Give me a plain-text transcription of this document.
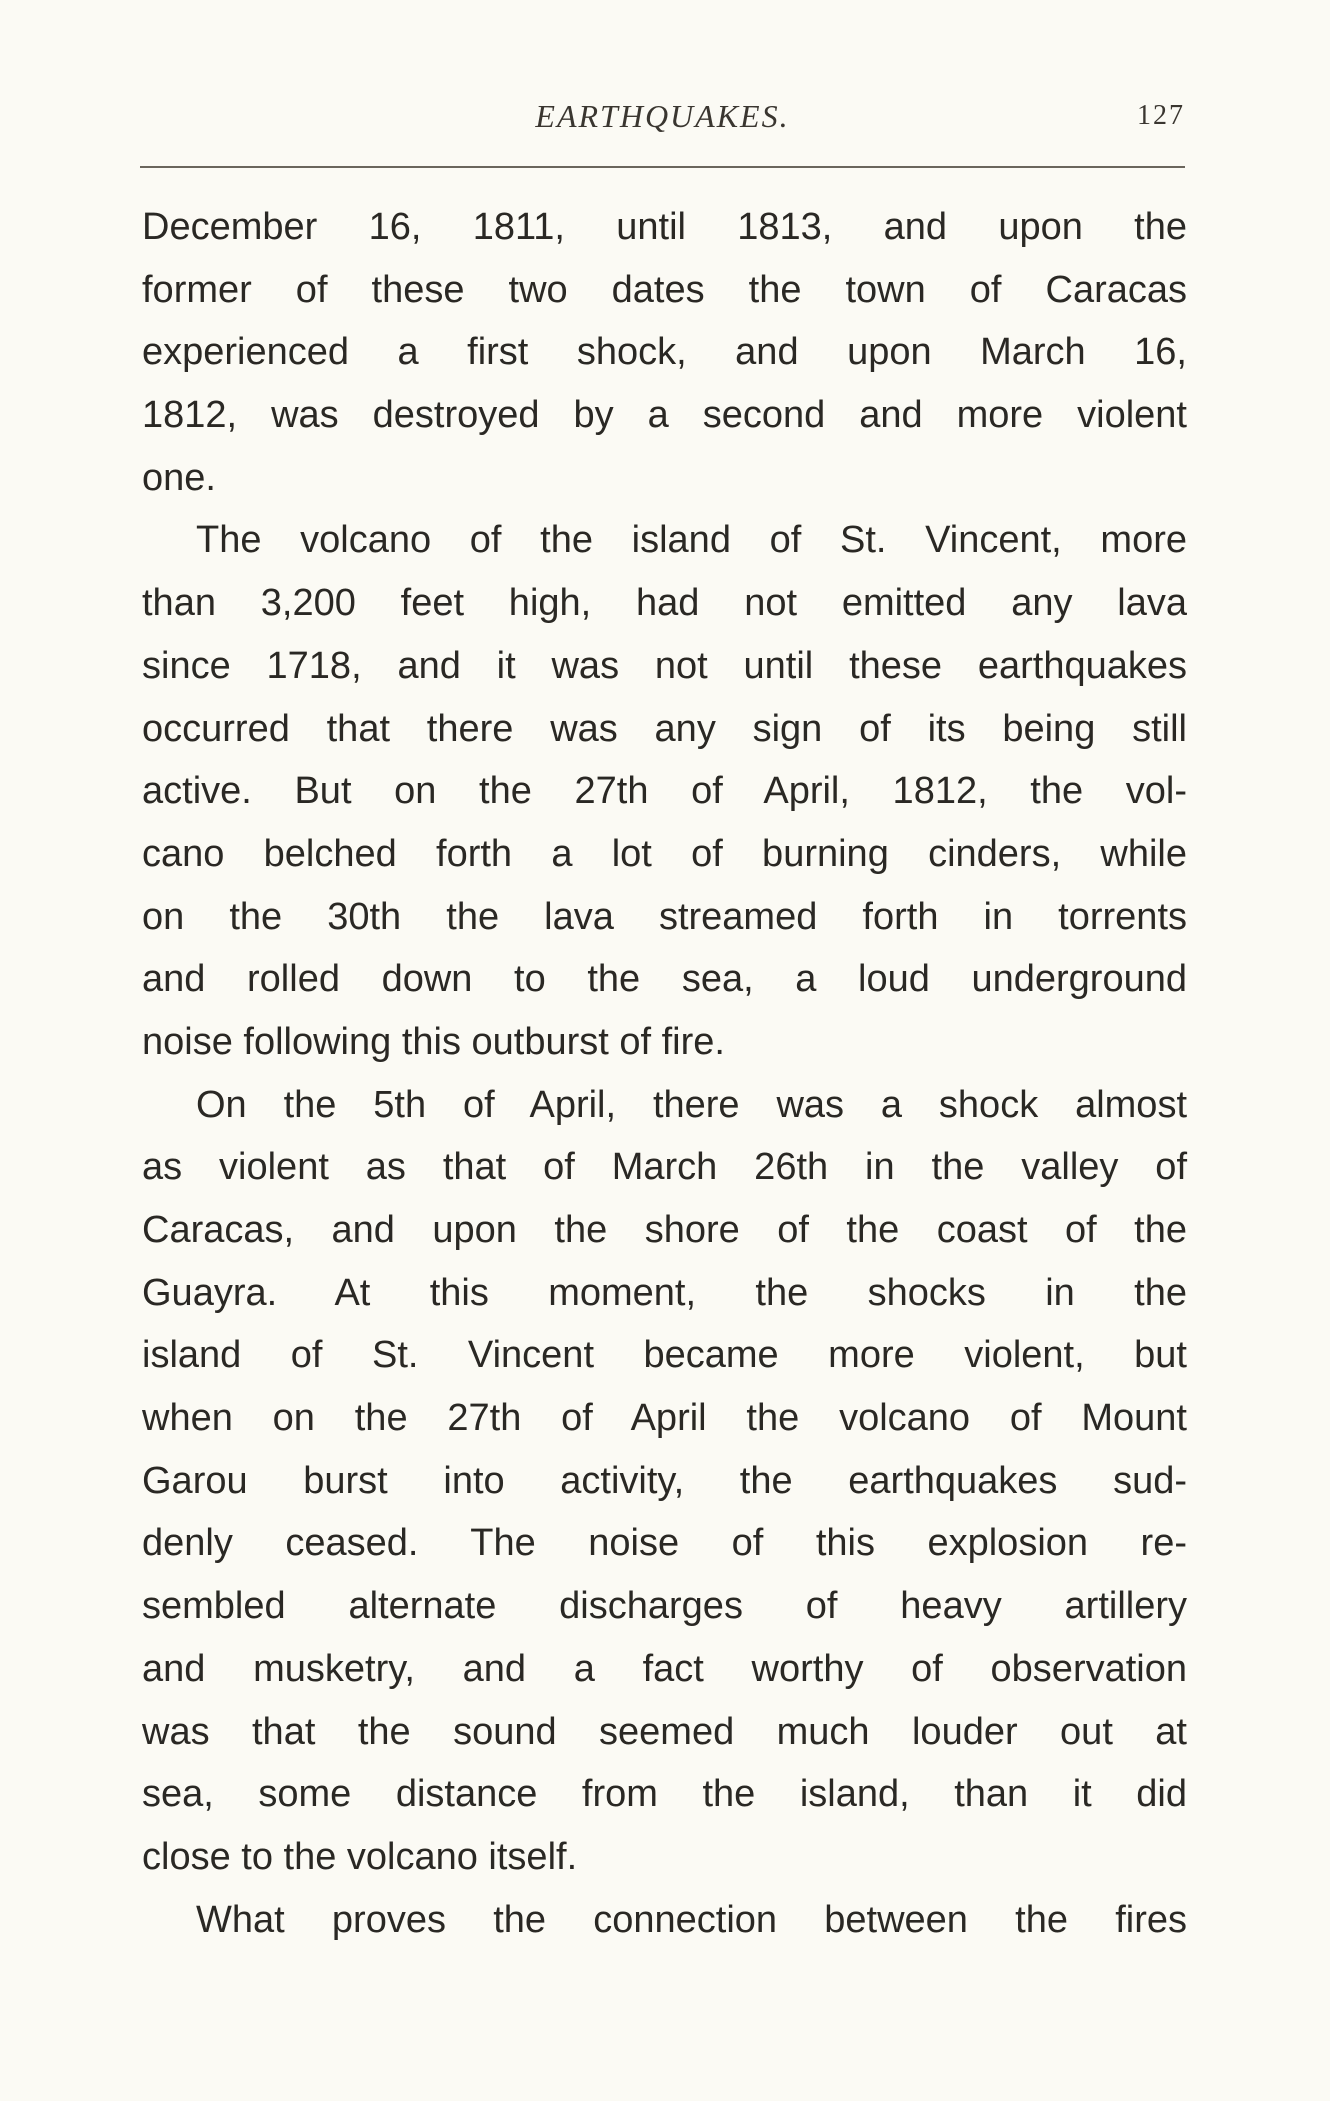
EARTHQUAKES.	127
December 16, 1811, until 1813, and upon the
former of these two dates the town of Caracas
experienced a first shock, and upon March 16,
1812, was destroyed by a second and more violent
one.
The volcano of the island of St. Vincent, more
than 3,200 feet high, had not emitted any lava
since 1718, and it was not until these earthquakes
occurred that there was any sign of its being still
active. But on the 27th of April, 1812, the vol-
cano belched forth a lot of burning cinders, while
on the 30th the lava streamed forth in torrents
and rolled down to the sea, a loud underground
noise following this outburst of fire.
On the 5th of April, there was a shock almost
as violent as that of March 26th in the valley of
Caracas, and upon the shore of the coast of the
Guayra. At this moment, the shocks in the
island of St. Vincent became more violent, but
when on the 27th of April the volcano of Mount
Garou burst into activity, the earthquakes sud-
denly ceased. The noise of this explosion re-
sembled alternate discharges of heavy artillery
and musketry, and a fact worthy of observation
was that the sound seemed much louder out at
sea, some distance from the island, than it did
close to the volcano itself.
What proves the connection between the fires
